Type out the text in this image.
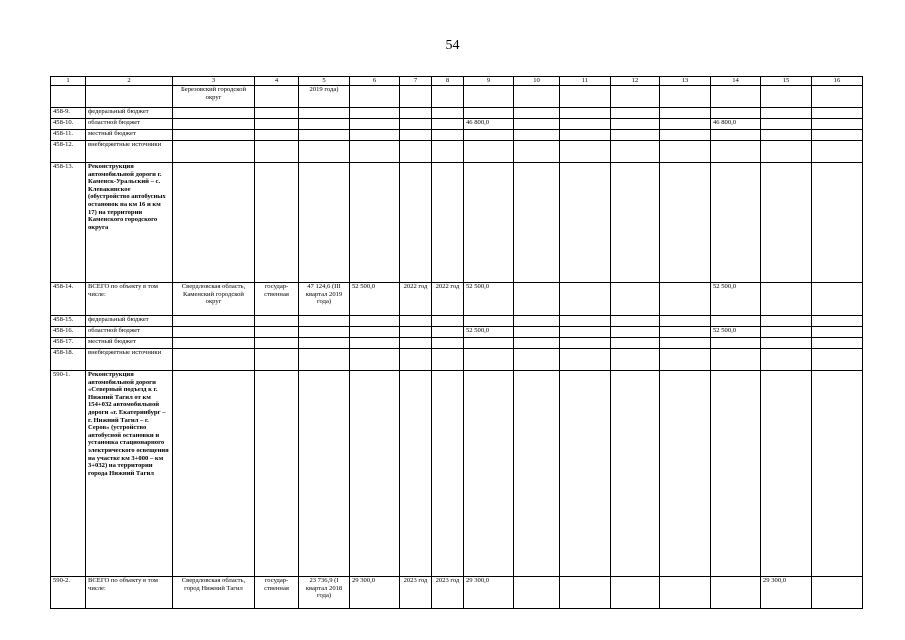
54
1	2	3	4	5	6	7	8	9	10	11	12	13	14	15	16
		Березовский городской округ		2019 года)											
458-9.	федеральный бюджет														
458-10.	областной бюджет							46 800,0					46 800,0		
458-11.	местный бюджет														
458-12.	внебюджетные источники														
458-13.	Реконструкция автомобильной дороги г. Каменск-Уральский – с. Клевакинское (обустройство автобусных остановок на км 16 и км 17) на территории Каменского городского округа														
458-14.	ВСЕГО по объекту в том числе:	Свердловская область, Каменский городской округ	государ-ственная	47 124,6 (III квартал 2019 года)	52 500,0	2022 год	2022 год	52 500,0					52 500,0		
458-15.	федеральный бюджет														
458-16.	областной бюджет							52 500,0					52 500,0		
458-17.	местный бюджет														
458-18.	внебюджетные источники														
590-1.	Реконструкция автомобильной дороги «Северный подъезд к г. Нижний Тагил от км 154+032 автомобильной дороги «г. Екатеринбург – г. Нижний Тагил – г. Серов» (устройство автобусной остановки и установка стационарного электрического освещения на участке км 3+000 – км 3+032) на территории города Нижний Тагил														
590-2.	ВСЕГО по объекту в том числе:	Свердловская область, город Нижний Тагил	государ-ственная	23 736,9 (I квартал 2018 года)	29 300,0	2023 год	2023 год	29 300,0						29 300,0	
